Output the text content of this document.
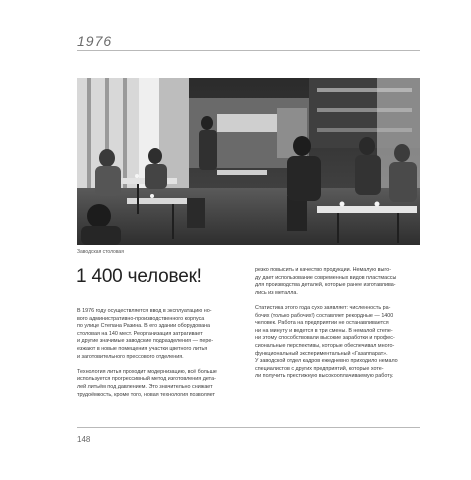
1976
Заводская столовая
1 400 человек!
В 1976 году осуществляется ввод в эксплуатацию но-
вого административно-производственного корпуса
по улице Степана Разина. В его здании оборудована
столовая на 140 мест. Реорганизация затрагивает
и другие значимые заводские подразделения — пере-
езжают в новые помещения участки цветного литья
и заготовительного прессового отделения.
Технология литья проходит модернизацию, всё больше
используется прогрессивный метод изготовления дета-
лей литьём под давлением. Это значительно снижает
трудоёмкость, кроме того, новая технология позволяет
резко повысить и качество продукции. Немалую выго-
ду дает использование современных видов пластмассы
для производства деталей, которые ранее изготавлива-
лись из металла.
Статистика этого года сухо заявляет: численность ра-
бочих (только рабочих!) составляет рекордные — 1400
человек. Работа на предприятии не останавливается
ни на минуту и ведется в три смены. В немалой степе-
ни этому способствовали высокие заработки и профес-
сиональные перспективы, которые обеспечивал много-
функциональный экспериментальный «Газаппарат».
У заводской отдел кадров ежедневно приходило немало
специалистов с других предприятий, которые хоте-
ли получить престижную высокооплачиваемую работу.
148
